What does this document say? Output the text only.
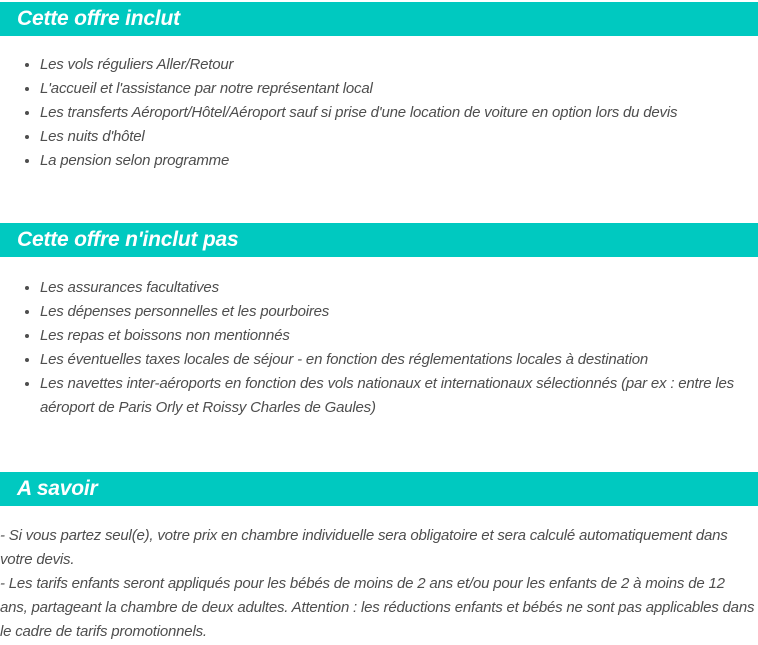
Cette offre inclut
• Les vols réguliers Aller/Retour
• L'accueil et l'assistance par notre représentant local
• Les transferts Aéroport/Hôtel/Aéroport sauf si prise d'une location de voiture en option lors du devis
• Les nuits d'hôtel
• La pension selon programme
Cette offre n'inclut pas
• Les assurances facultatives
• Les dépenses personnelles et les pourboires
• Les repas et boissons non mentionnés
• Les éventuelles taxes locales de séjour - en fonction des réglementations locales à destination
• Les navettes inter-aéroports en fonction des vols nationaux et internationaux sélectionnés (par ex : entre les aéroport de Paris Orly et Roissy Charles de Gaules)
A savoir

- Si vous partez seul(e), votre prix en chambre individuelle sera obligatoire et sera calculé automatiquement dans votre devis.

- Les tarifs enfants seront appliqués pour les bébés de moins de 2 ans et/ou pour les enfants de 2 à moins de 12 ans, partageant la chambre de deux adultes. Attention : les réductions enfants et bébés ne sont pas applicables dans le cadre de tarifs promotionnels.
